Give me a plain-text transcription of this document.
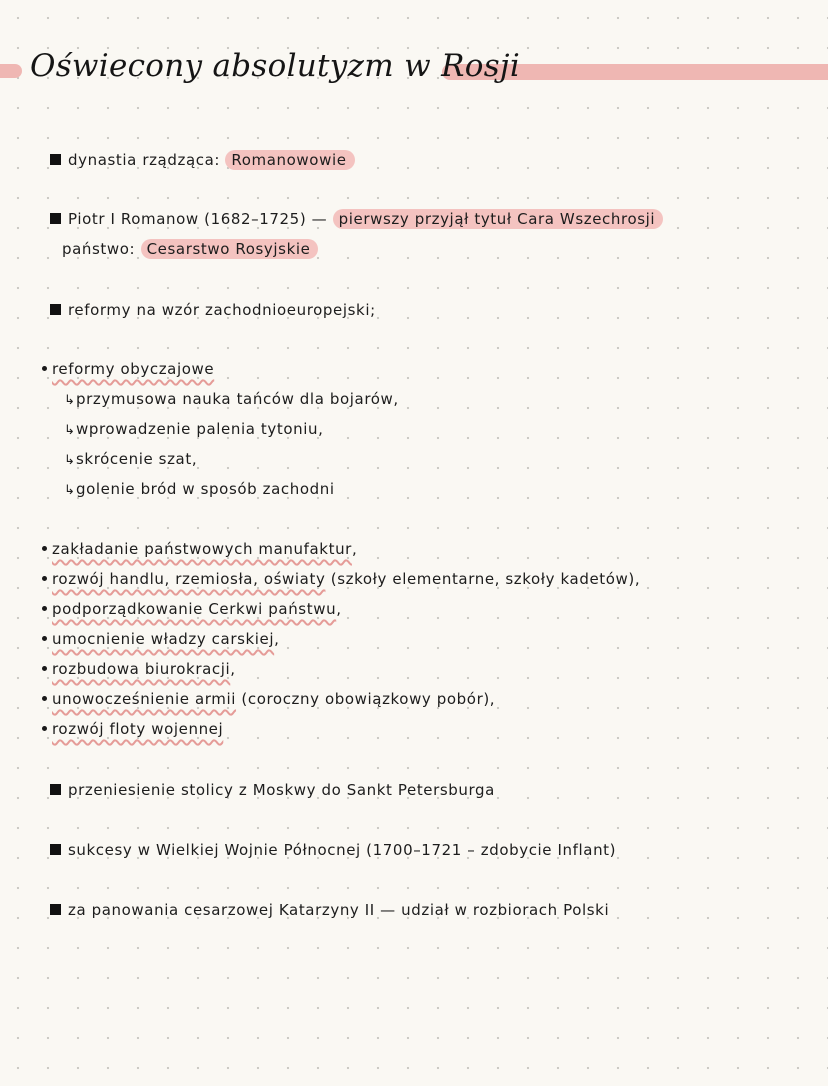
Oświecony absolutyzm w Rosji
dynastia rządząca: Romanowowie
Piotr I Romanow (1682–1725) — pierwszy przyjął tytuł Cara Wszechrosji
państwo: Cesarstwo Rosyjskie
reformy na wzór zachodnioeuropejski;
reformy obyczajowe
↳przymusowa nauka tańców dla bojarów,
↳wprowadzenie palenia tytoniu,
↳skrócenie szat,
↳golenie bród w sposób zachodni
zakładanie państwowych manufaktur,
rozwój handlu, rzemiosła, oświaty (szkoły elementarne, szkoły kadetów),
podporządkowanie Cerkwi państwu,
umocnienie władzy carskiej,
rozbudowa biurokracji,
unowocześnienie armii (coroczny obowiązkowy pobór),
rozwój floty wojennej
przeniesienie stolicy z Moskwy do Sankt Petersburga
sukcesy w Wielkiej Wojnie Północnej (1700–1721 – zdobycie Inflant)
za panowania cesarzowej Katarzyny II — udział w rozbiorach Polski
